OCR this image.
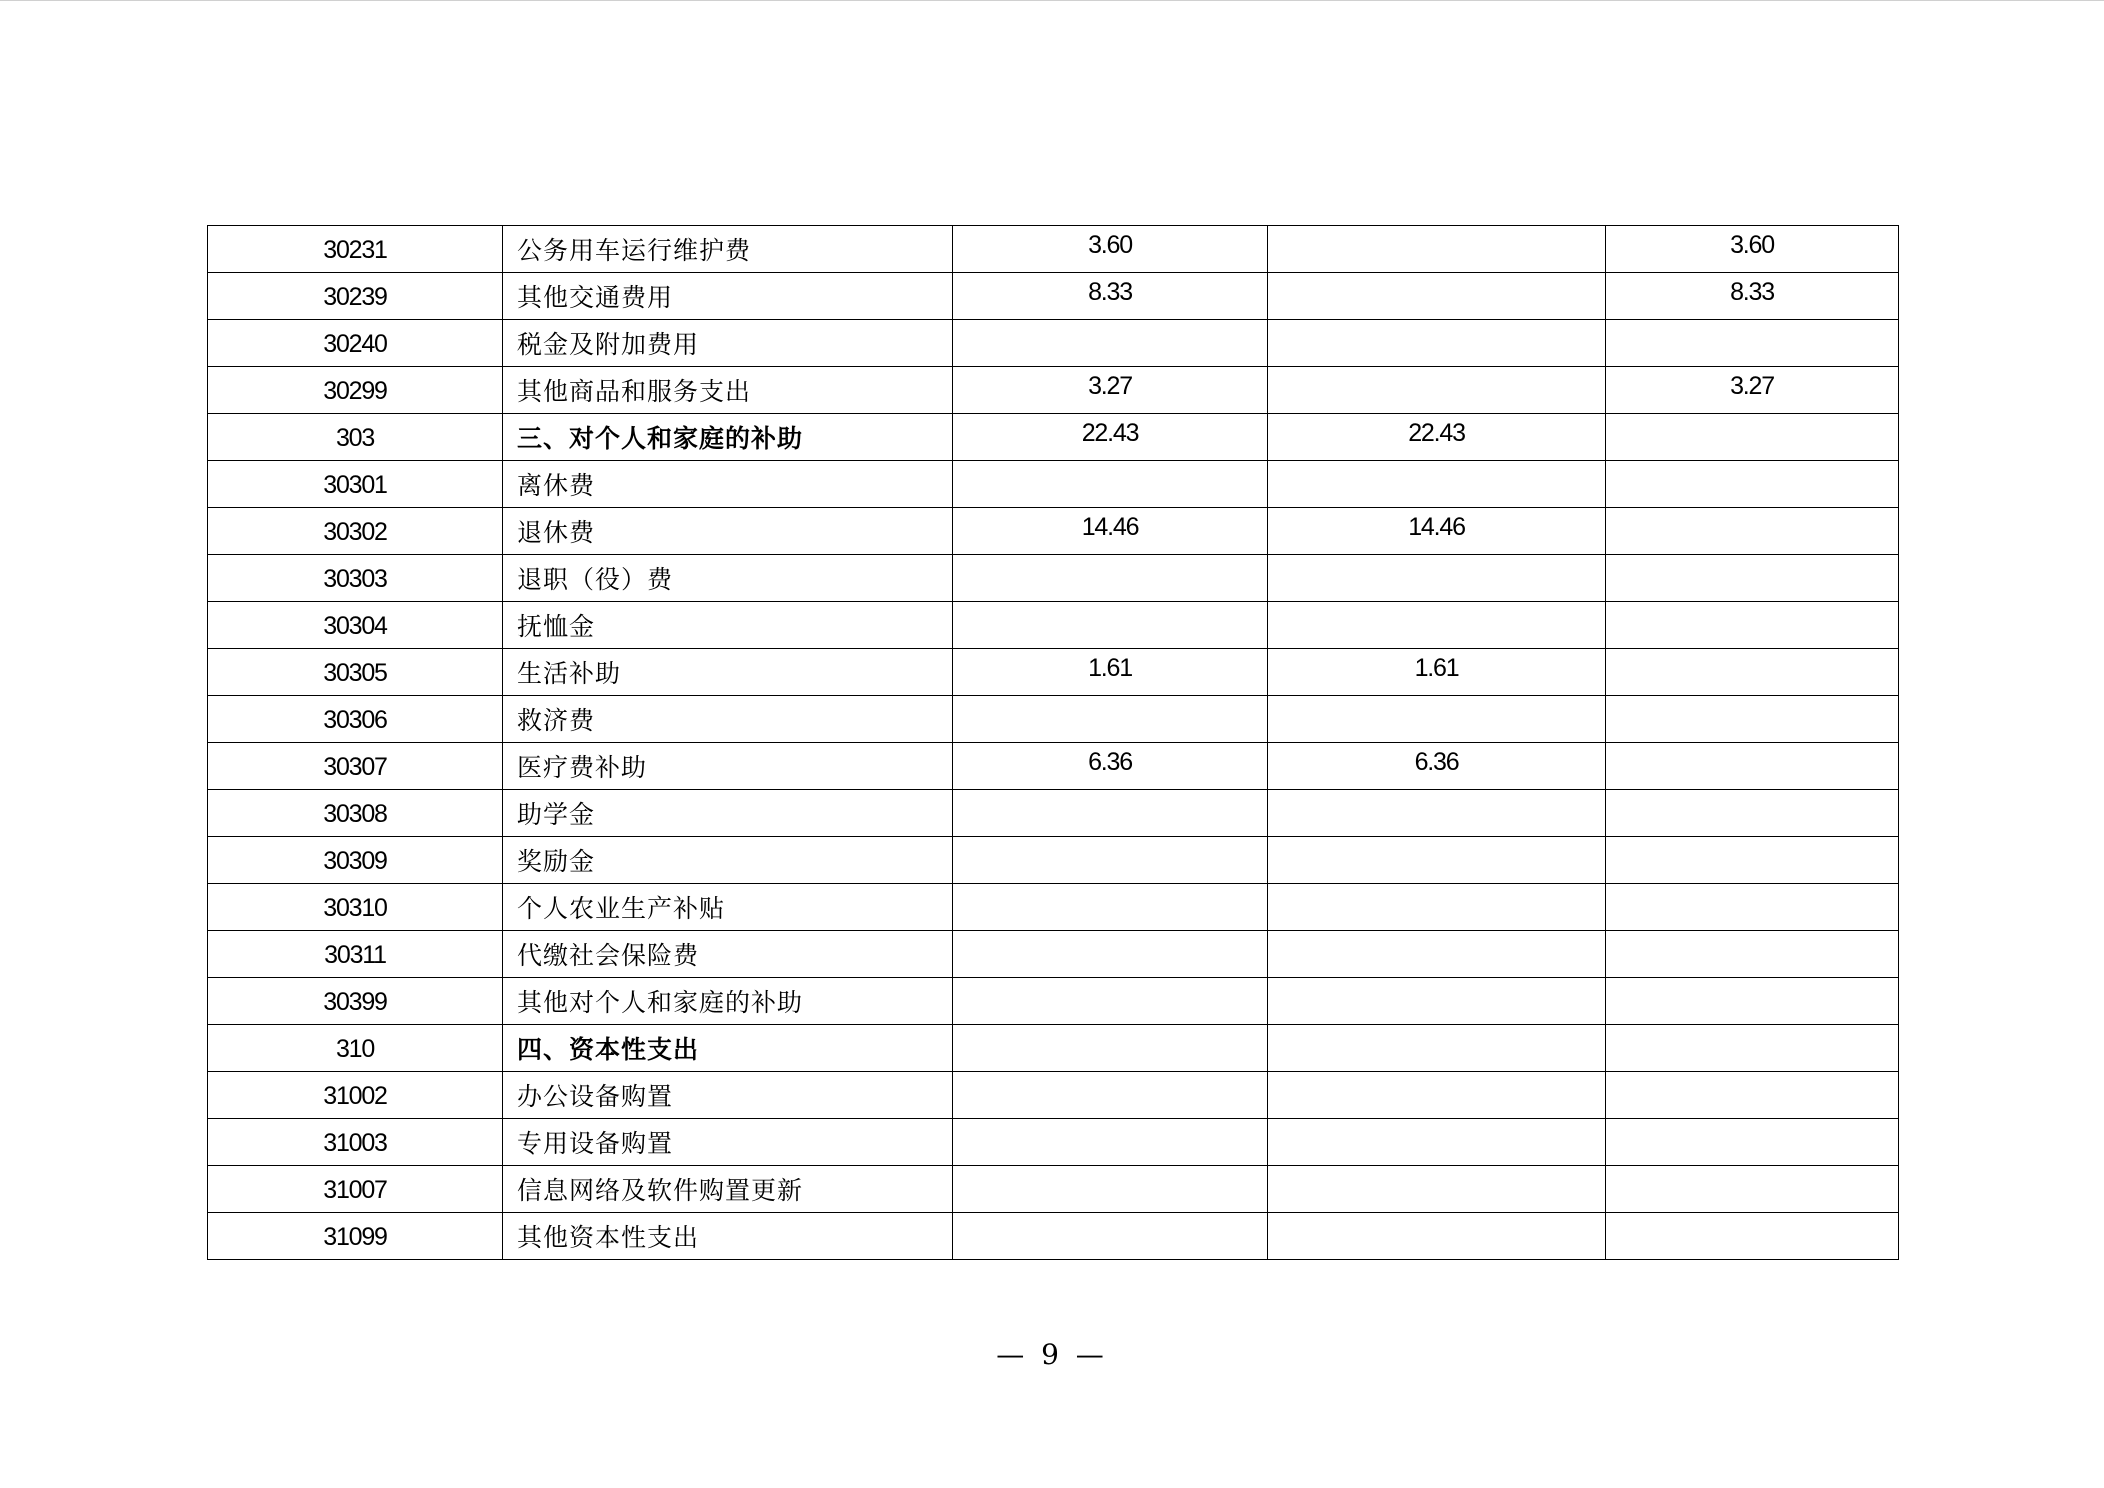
30231	公务用车运行维护费	3.60		3.60
30239	其他交通费用	8.33		8.33
30240	税金及附加费用			
30299	其他商品和服务支出	3.27		3.27
303	三、对个人和家庭的补助	22.43	22.43	
30301	离休费			
30302	退休费	14.46	14.46	
30303	退职（役）费			
30304	抚恤金			
30305	生活补助	1.61	1.61	
30306	救济费			
30307	医疗费补助	6.36	6.36	
30308	助学金			
30309	奖励金			
30310	个人农业生产补贴			
30311	代缴社会保险费			
30399	其他对个人和家庭的补助			
310	四、资本性支出			
31002	办公设备购置			
31003	专用设备购置			
31007	信息网络及软件购置更新			
31099	其他资本性支出			
— 9 —
